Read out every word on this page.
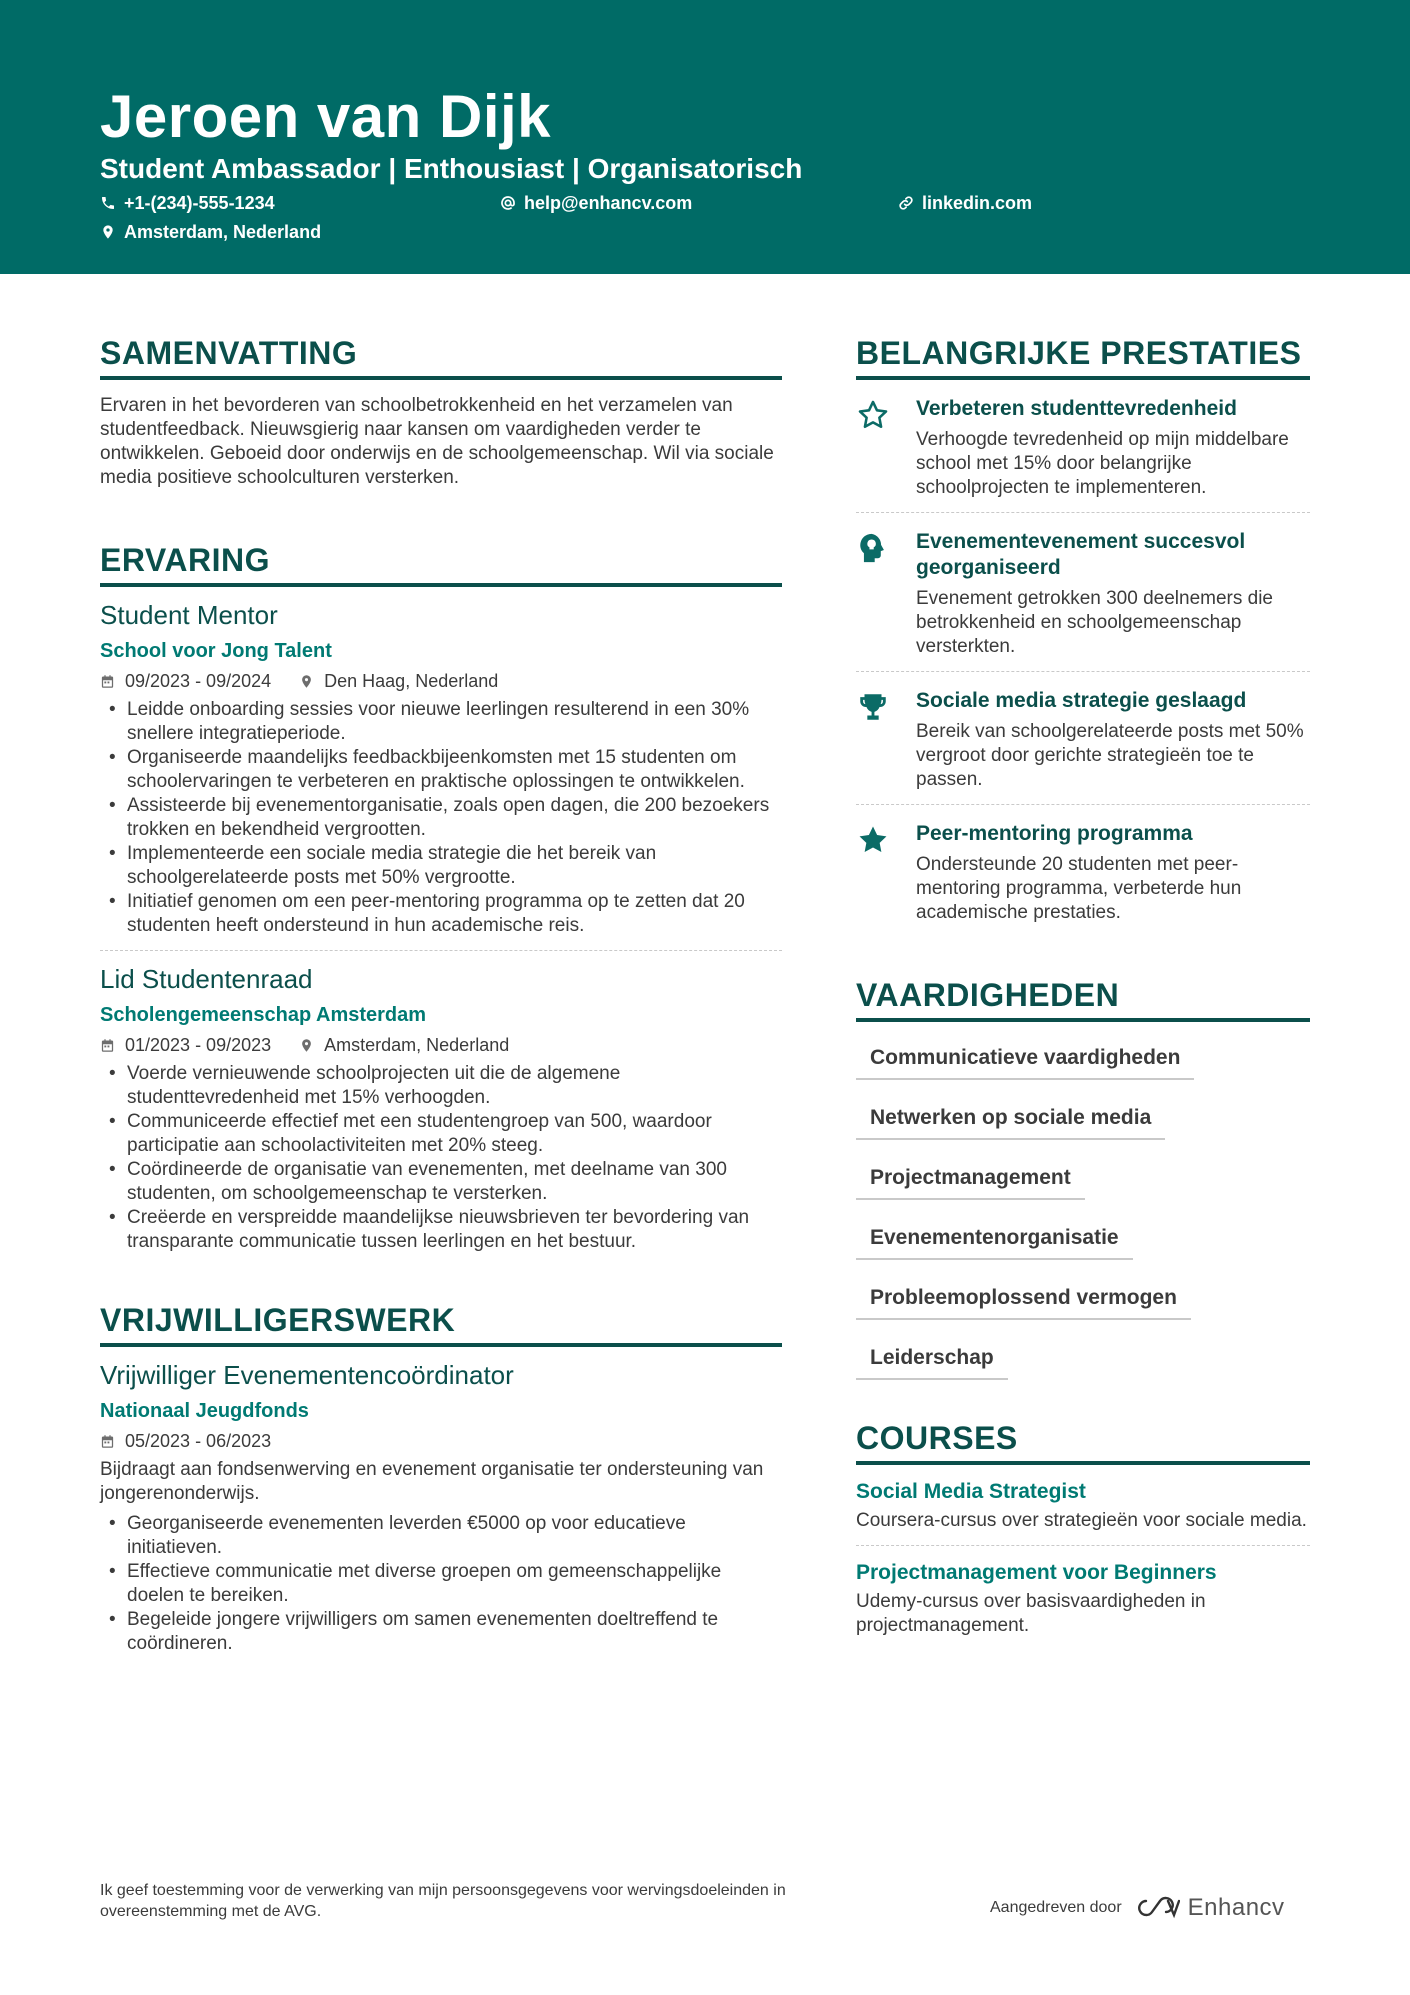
Jeroen van Dijk
Student Ambassador | Enthousiast | Organisatorisch
+1-(234)-555-1234	help@enhancv.com	linkedin.com
Amsterdam, Nederland
SAMENVATTING
Ervaren in het bevorderen van schoolbetrokkenheid en het verzamelen van studentfeedback. Nieuwsgierig naar kansen om vaardigheden verder te ontwikkelen. Geboeid door onderwijs en de schoolgemeenschap. Wil via sociale media positieve schoolculturen versterken.
ERVARING
Student Mentor
School voor Jong Talent
09/2023 - 09/2024	Den Haag, Nederland
• Leidde onboarding sessies voor nieuwe leerlingen resulterend in een 30% snellere integratieperiode.
• Organiseerde maandelijks feedbackbijeenkomsten met 15 studenten om schoolervaringen te verbeteren en praktische oplossingen te ontwikkelen.
• Assisteerde bij evenementorganisatie, zoals open dagen, die 200 bezoekers trokken en bekendheid vergrootten.
• Implementeerde een sociale media strategie die het bereik van schoolgerelateerde posts met 50% vergrootte.
• Initiatief genomen om een peer-mentoring programma op te zetten dat 20 studenten heeft ondersteund in hun academische reis.
Lid Studentenraad
Scholengemeenschap Amsterdam
01/2023 - 09/2023	Amsterdam, Nederland
• Voerde vernieuwende schoolprojecten uit die de algemene studenttevredenheid met 15% verhoogden.
• Communiceerde effectief met een studentengroep van 500, waardoor participatie aan schoolactiviteiten met 20% steeg.
• Coördineerde de organisatie van evenementen, met deelname van 300 studenten, om schoolgemeenschap te versterken.
• Creëerde en verspreidde maandelijkse nieuwsbrieven ter bevordering van transparante communicatie tussen leerlingen en het bestuur.
VRIJWILLIGERSWERK
Vrijwilliger Evenementencoördinator
Nationaal Jeugdfonds
05/2023 - 06/2023
Bijdraagt aan fondsenwerving en evenement organisatie ter ondersteuning van jongerenonderwijs.
• Georganiseerde evenementen leverden €5000 op voor educatieve initiatieven.
• Effectieve communicatie met diverse groepen om gemeenschappelijke doelen te bereiken.
• Begeleide jongere vrijwilligers om samen evenementen doeltreffend te coördineren.
BELANGRIJKE PRESTATIES
Verbeteren studenttevredenheid
Verhoogde tevredenheid op mijn middelbare school met 15% door belangrijke schoolprojecten te implementeren.
Evenementevenement succesvol georganiseerd
Evenement getrokken 300 deelnemers die betrokkenheid en schoolgemeenschap versterkten.
Sociale media strategie geslaagd
Bereik van schoolgerelateerde posts met 50% vergroot door gerichte strategieën toe te passen.
Peer-mentoring programma
Ondersteunde 20 studenten met peer-mentoring programma, verbeterde hun academische prestaties.
VAARDIGHEDEN
Communicatieve vaardigheden
Netwerken op sociale media
Projectmanagement
Evenementenorganisatie
Probleemoplossend vermogen
Leiderschap
COURSES
Social Media Strategist
Coursera-cursus over strategieën voor sociale media.
Projectmanagement voor Beginners
Udemy-cursus over basisvaardigheden in projectmanagement.
Ik geef toestemming voor de verwerking van mijn persoonsgegevens voor wervingsdoeleinden in overeenstemming met de AVG.	Aangedreven door	Enhancv
